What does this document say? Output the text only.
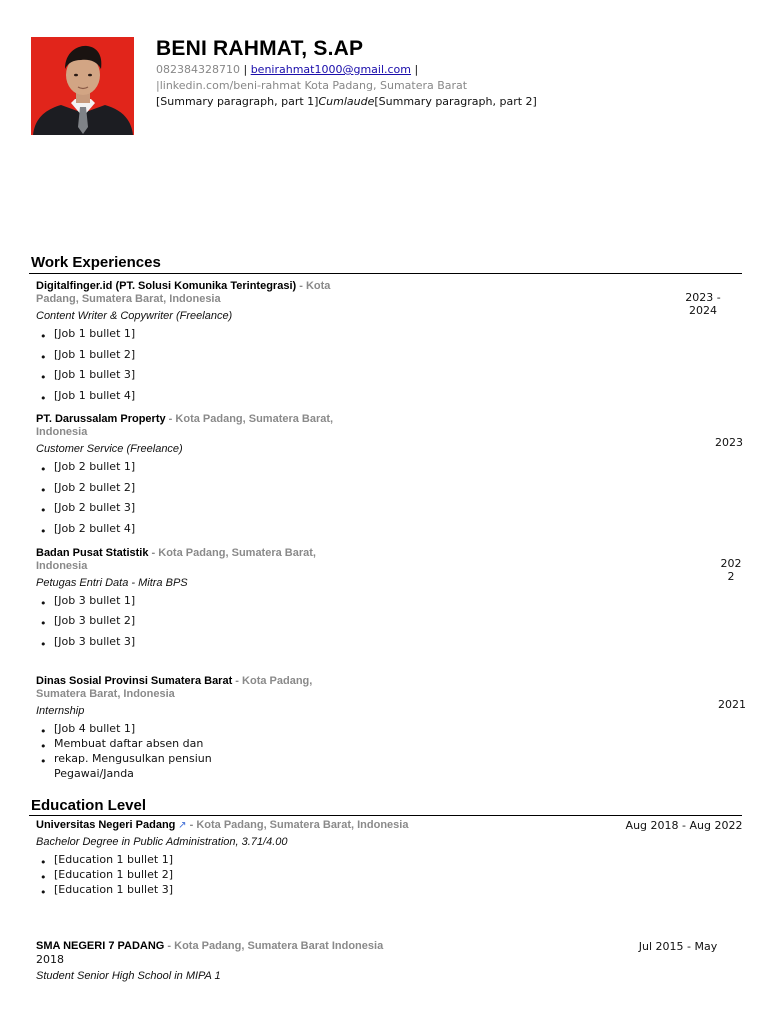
BENI RAHMAT, S.AP
082384328710 | benirahmat1000@gmail.com |
|linkedin.com/beni-rahmat Kota Padang, Sumatera Barat
[Summary paragraph, part 1]Cumlaude[Summary paragraph, part 2]
Work Experiences
Digitalfinger.id (PT. Solusi Komunika Terintegrasi) - Kota Padang, Sumatera Barat, Indonesia
Content Writer & Copywriter (Freelance)
• [Job 1 bullet 1]
• [Job 1 bullet 2]
• [Job 1 bullet 3]
• [Job 1 bullet 4]
2023 - 2024
PT. Darussalam Property - Kota Padang, Sumatera Barat, Indonesia
Customer Service (Freelance)
• [Job 2 bullet 1]
• [Job 2 bullet 2]
• [Job 2 bullet 3]
• [Job 2 bullet 4]
2023
Badan Pusat Statistik - Kota Padang, Sumatera Barat, Indonesia
Petugas Entri Data - Mitra BPS
• [Job 3 bullet 1]
• [Job 3 bullet 2]
• [Job 3 bullet 3]
2022
Dinas Sosial Provinsi Sumatera Barat - Kota Padang, Sumatera Barat, Indonesia
Internship
• [Job 4 bullet 1]
• Membuat daftar absen dan
• rekap. Mengusulkan pensiun Pegawai/Janda
2021
Education Level
Universitas Negeri Padang ↗ - Kota Padang, Sumatera Barat, Indonesia
Bachelor Degree in Public Administration, 3.71/4.00
• [Education 1 bullet 1]
• [Education 1 bullet 2]
• [Education 1 bullet 3]
Aug 2018 - Aug 2022
SMA NEGERI 7 PADANG - Kota Padang, Sumatera Barat Indonesia
2018
Student Senior High School in MIPA 1
Jul 2015 - May
